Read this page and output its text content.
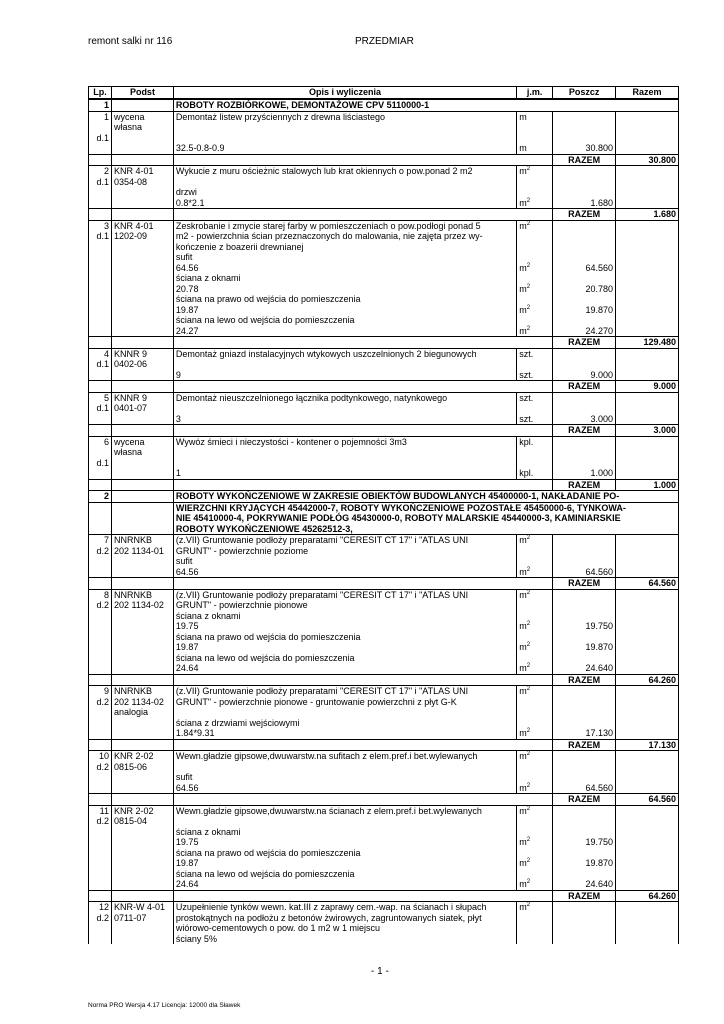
remont salki nr 116	PRZEDMIAR
Lp.	Podst	Opis i wyliczenia	j.m.	Poszcz	Razem
1		ROBOTY ROZBIÓRKOWE, DEMONTAŻOWE CPV 5110000-1			
1	wycena własna	Demontaż listew przyściennych z drewna liściastego	m		
d.1					
		32.5-0.8-0.9	m	30.800	
				RAZEM	30.800
2	KNR 4-01	Wykucie z muru ościeżnic stalowych lub krat okiennych o pow.ponad 2 m2	$m^2$		
d.1	0354-08				
		drzwi			
		0.8*2.1	$m^2$	1.680	
				RAZEM	1.680
3	KNR 4-01	Zeskrobanie i zmycie starej farby w pomieszczeniach o pow.podłogi ponad 5	$m^2$		
d.1	1202-09	m2 - powierzchnia ścian przeznaczonych do malowania, nie zajęta przez wy-			
		kończenie z boazerii drewnianej			
		sufit			
		64.56	$m^2$	64.560	
		ściana z oknami			
		20.78	$m^2$	20.780	
		ściana na prawo od wejścia do pomieszczenia			
		19.87	$m^2$	19.870	
		ściana na lewo od wejścia do pomieszczenia			
		24.27	$m^2$	24.270	
				RAZEM	129.480
4	KNNR 9	Demontaż gniazd instalacyjnych wtykowych uszczelnionych 2 biegunowych	szt.		
d.1	0402-06				
		9	szt.	9.000	
				RAZEM	9.000
5	KNNR 9	Demontaż nieuszczelnionego łącznika podtynkowego, natynkowego	szt.		
d.1	0401-07				
		3	szt.	3.000	
				RAZEM	3.000
6	wycena własna	Wywóz śmieci i nieczystości - kontener o pojemności 3m3	kpl.		
d.1					
		1	kpl.	1.000	
				RAZEM	1.000
2		ROBOTY WYKOŃCZENIOWE W ZAKRESIE OBIEKTÓW BUDOWLANYCH 45400000-1, NAKŁADANIE PO-			
		WIERZCHNI KRYJĄCYCH 45442000-7, ROBOTY WYKOŃCZENIOWE POZOSTAŁE 45450000-6, TYNKOWA-			
		NIE 45410000-4, POKRYWANIE PODŁÓG 45430000-0, ROBOTY MALARSKIE 45440000-3, KAMINIARSKIE			
		ROBOTY WYKOŃCZENIOWE 45262512-3,			
7	NNRNKB	(z.VII) Gruntowanie podłoży preparatami "CERESIT CT 17" i "ATLAS UNI	$m^2$		
d.2	202 1134-01	GRUNT" - powierzchnie poziome			
		sufit			
		64.56	$m^2$	64.560	
				RAZEM	64.560
8	NNRNKB	(z.VII) Gruntowanie podłoży preparatami "CERESIT CT 17" i "ATLAS UNI	$m^2$		
d.2	202 1134-02	GRUNT" - powierzchnie pionowe			
		ściana z oknami			
		19.75	$m^2$	19.750	
		ściana na prawo od wejścia do pomieszczenia			
		19.87	$m^2$	19.870	
		ściana na lewo od wejścia do pomieszczenia			
		24.64	$m^2$	24.640	
				RAZEM	64.260
9	NNRNKB	(z.VII) Gruntowanie podłoży preparatami "CERESIT CT 17" i "ATLAS UNI	$m^2$		
d.2	202 1134-02	GRUNT" - powierzchnie pionowe - gruntowanie powierzchni z płyt G-K			
	analogia				
		ściana z drzwiami wejściowymi			
		1.84*9.31	$m^2$	17.130	
				RAZEM	17.130
10	KNR 2-02	Wewn.gładzie gipsowe,dwuwarstw.na sufitach z elem.pref.i bet.wylewanych	$m^2$		
d.2	0815-06				
		sufit			
		64.56	$m^2$	64.560	
				RAZEM	64.560
11	KNR 2-02	Wewn.gładzie gipsowe,dwuwarstw.na ścianach z elem.pref.i bet.wylewanych	$m^2$		
d.2	0815-04				
		ściana z oknami			
		19.75	$m^2$	19.750	
		ściana na prawo od wejścia do pomieszczenia			
		19.87	$m^2$	19.870	
		ściana na lewo od wejścia do pomieszczenia			
		24.64	$m^2$	24.640	
				RAZEM	64.260
12	KNR-W 4-01	Uzupełnienie tynków wewn. kat.III z zaprawy cem.-wap. na ścianach i słupach	$m^2$		
d.2	0711-07	prostokątnych na podłożu z betonów żwirowych, zagruntowanych siatek, płyt			
		wiórowo-cementowych o pow. do 1 m2 w 1 miejscu			
		ściany 5%			
- 1 -
Norma PRO Wersja 4.17 Licencja: 12000 dla Sławek
